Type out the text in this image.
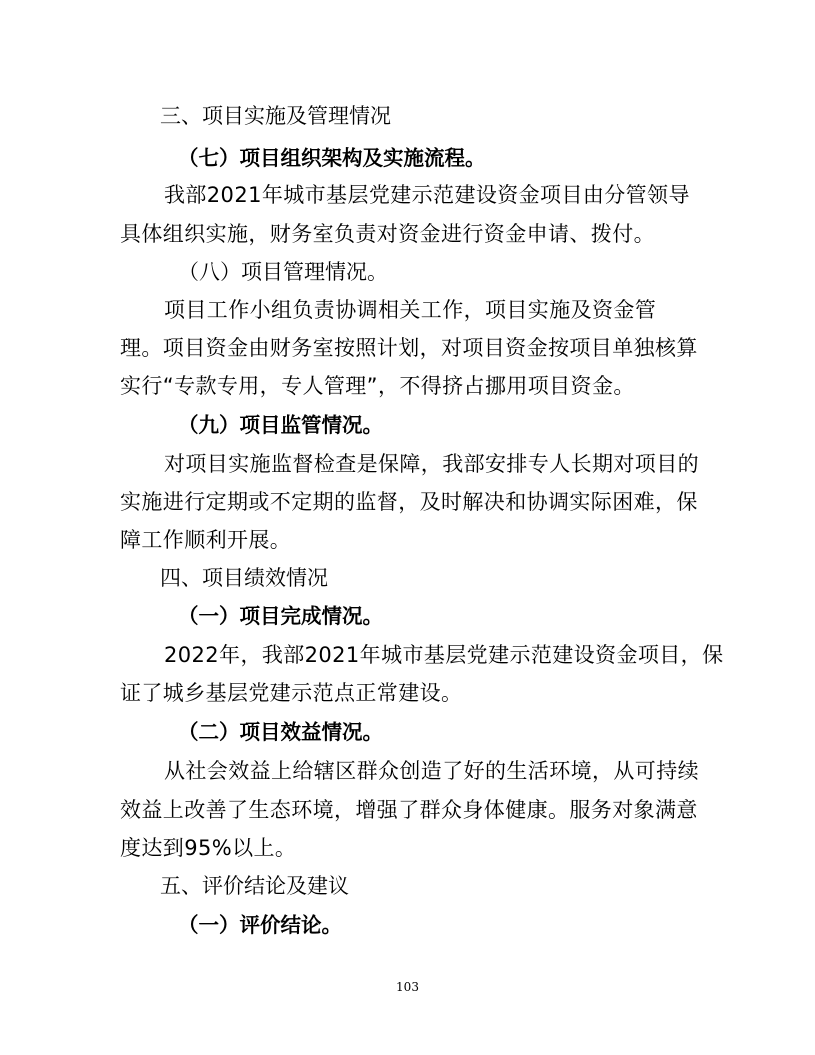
三、项目实施及管理情况
（七）项目组织架构及实施流程。
我部2021年城市基层党建示范建设资金项目由分管领导
具体组织实施，财务室负责对资金进行资金申请、拨付。
（八）项目管理情况。
项目工作小组负责协调相关工作，项目实施及资金管
理。项目资金由财务室按照计划，对项目资金按项目单独核算
实行“专款专用，专人管理”，不得挤占挪用项目资金。
（九）项目监管情况。
对项目实施监督检查是保障，我部安排专人长期对项目的
实施进行定期或不定期的监督，及时解决和协调实际困难，保
障工作顺利开展。
四、项目绩效情况
（一）项目完成情况。
2022年，我部2021年城市基层党建示范建设资金项目，保
证了城乡基层党建示范点正常建设。
（二）项目效益情况。
从社会效益上给辖区群众创造了好的生活环境，从可持续
效益上改善了生态环境，增强了群众身体健康。服务对象满意
度达到95%以上。
五、评价结论及建议
（一）评价结论。
103
